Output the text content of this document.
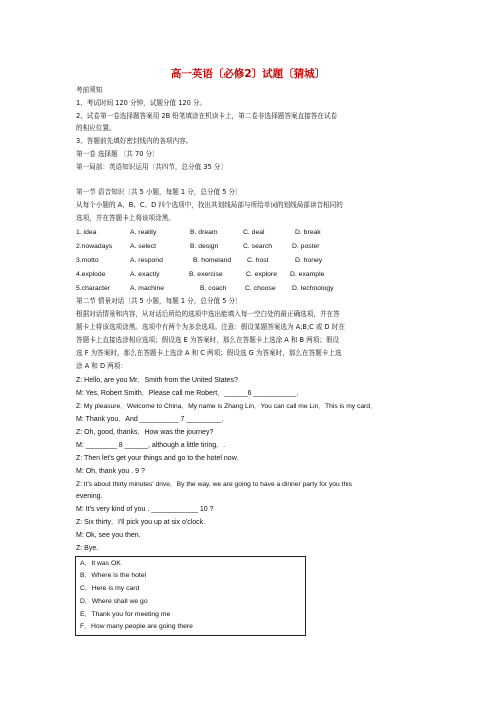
高一英语〔必修2〕试题〔猜城〕
考前须知
1、考试时间 120 分钟，试题分值 120 分。
2、试卷第一卷选择题答案用 2B 铅笔填涂在机读卡上，第二卷非选择题答案直接答在试卷
的相应位置。
3、答题前先填好密封线内的各项内容。
第一卷 选择题 〔共 70 分〕
第一局部：英语知识运用〔共四节，总分值 35 分〕
第一节 语音知识〔共 5 小题，每题 1 分，总分值 5 分〕
从每个小题的 A、B、C、D 四个选项中，找出其划线局部与所给单词的划线局部读音相同的
选项，并在答题卡上将该项涂黑。
1. idea	A. reality	B. dream	C. deal	D. break
2.nowadays	A. select	B. design	C. search	D. poster
3.motto	A. respond	B. homeland C. host	D. honey
4.explode	A. exactly	B. exercise	C. explore D. example
5.character	A. machine	B. coach	C. choose D. technology
第二节 情景对话〔共 5 小题，每题 1 分，总分值 5 分〕
根据对话情景和内容，从对话后所给的选项中选出能填入每一空白处的最正确选项，并在答
题卡上将该选项涂黑。选项中有两个为多余选项。注意：假设某题答案选为 A;B;C 或 D 时在
答题卡上直接选涂相应选项；假设选 E 为答案时，那么在答题卡上选涂 A 和 B 两项；假设
选 F 为答案时，那么在答题卡上选涂 A 和 C 两项；假设选 G 为答案时，那么在答题卡上选
涂 A 和 D 两项：
Z: Hello, are you Mr．Smith from the United States?
M: Yes, Robert Smith．Please call me Robert．______6 ___________．
Z: My pleasure．Welcome to China．My name is Zhang Lin．You can call me Lin．This is my card．
M: Thank you．And __________ 7 _________．
Z: Oh, good, thanks．How was the journey?
M: ________ 8 ______, although a little tiring．.
Z: Then let's get your things and go to the hotel now．
M: Oh, thank you . 9 ?
Z: It's about thirty minutes' drive．By the way, we are going to have a dinner party for you this
evening.
M: It's very kind of you . ____________ 10 ?
Z: Six thirty．I'll pick you up at six o'clock.
M: Ok, see you then.
Z: Bye.
A．It was OK
B．Where is the hotel
C．Here is my card
D．Where shall we go
E．Thank you for meeting me
F．How many people are going there
